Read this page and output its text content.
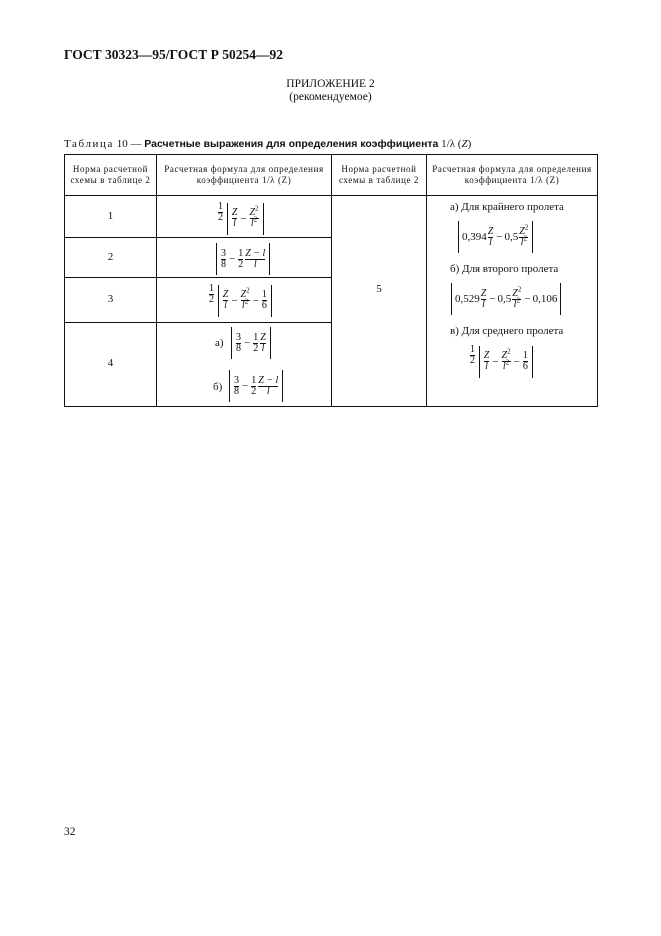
ГОСТ 30323—95/ГОСТ Р 50254—92
ПРИЛОЖЕНИЕ 2
(рекомендуемое)
Таблица 10 — Расчетные выражения для определения коэффициента 1/λ (Z)
Норма расчетной схемы в таблице 2
Расчетная формула для определения коэффициента 1/λ (Z)
Норма расчетной схемы в таблице 2
Расчетная формула для определения коэффициента 1/λ (Z)
1
2
3
4
5
$\frac{1}{2}$
$\frac{Z}{l} - \frac{Z^2}{l^2}$
$\frac{3}{8} - \frac{1}{2} \frac{Z - l}{l}$
$\frac{1}{2}$
$\frac{Z}{l} - \frac{Z^2}{l^2} - \frac{1}{6}$
$а) \frac{3}{8} - \frac{1}{2} \frac{Z}{l}$
$б) \frac{3}{8} - \frac{1}{2} \frac{Z - l}{l}$
а) Для крайнего пролета
$0,394 \frac{Z}{l} - 0,5 \frac{Z^2}{l^2}$
б) Для второго пролета
$0,529 \frac{Z}{l} - 0,5 \frac{Z^2}{l^2} - 0,106$
в) Для среднего пролета
$\frac{1}{2}$
$\frac{Z}{l} - \frac{Z^2}{l^2} - \frac{1}{6}$
32
